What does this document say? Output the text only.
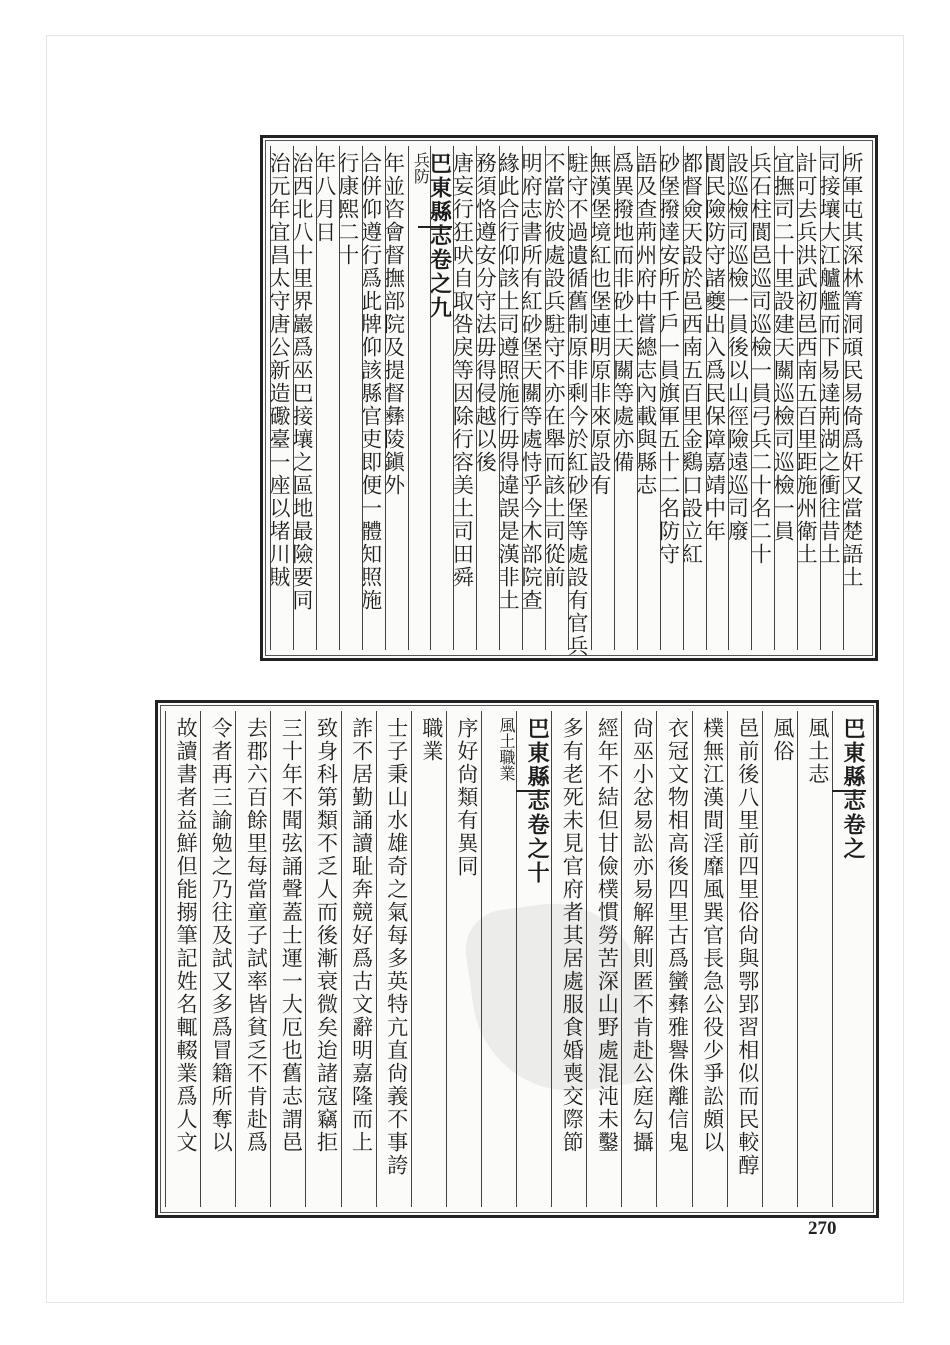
所軍屯其深林箐洞頑民易倚爲奸又當楚語土
司接壤大江艫艦而下易達荊湖之衝往昔土
計可去兵洪武初邑西南五百里距施州衛土
宜撫司二十里設建天關巡檢司巡檢一員
兵石柱閬邑巡司巡檢一員弓兵二十名二十
設巡檢司巡檢一員後以山徑險遠巡司廢
閬民險防守諸夔出入爲民保障嘉靖中年
都督僉天設於邑西南五百里金鷄口設立紅
砂堡撥達安所千戶一員旗軍五十二名防守
語及查荊州府中嘗總志內載與縣志
爲異撥地而非砂土天關等處亦備
無漢堡境紅也堡連明原非來原設有
駐守不過遺循舊制原非剩今於紅砂堡等處設有官兵
不當於彼處設兵駐守不亦在舉而該土司從前
明府志書所有紅砂堡天關等處恃乎今木部院查
緣此合行仰該土司遵照施行毋得違誤是漢非土
務須恪遵安分守法毋得侵越以後
唐妄行狂吠自取咎戾等因除行容美土司田舜
巴東縣志卷之九
兵防
年並咨會督撫部院及提督彝陵鎭外
合併仰遵行爲此牌仰該縣官吏即便一體知照施
行康熙二十
年八月日
治西北八十里界巖爲巫巴接壤之區地最險要同
治元年宜昌太守唐公新造礮臺一座以堵川賊
巴東縣志卷之
風土志
風俗
邑前後八里前四里俗尙與鄂郢習相似而民較醇
樸無江漢間淫靡風巽官長急公役少爭訟頗以
衣冠文物相高後四里古爲蠻彝雅譽侏離信鬼
尙巫小忿易訟亦易解解則匿不肯赴公庭勾攝
經年不結但甘儉樸慣勞苦深山野處混沌未鑿
多有老死未見官府者其居處服食婚喪交際節
巴東縣志卷之十
風土職業
序好尙類有異同
職業
士子秉山水雄奇之氣每多英特亢直尙義不事誇
詐不居勤誦讀耻奔競好爲古文辭明嘉隆而上
致身科第類不乏人而後漸衰微矣迨諸寇竊拒
三十年不聞弦誦聲蓋士運一大厄也舊志謂邑
去郡六百餘里每當童子試率皆貧乏不肯赴爲
令者再三諭勉之乃往及試又多爲冒籍所奪以
故讀書者益鮮但能搦筆記姓名輒輟業爲人文
270
